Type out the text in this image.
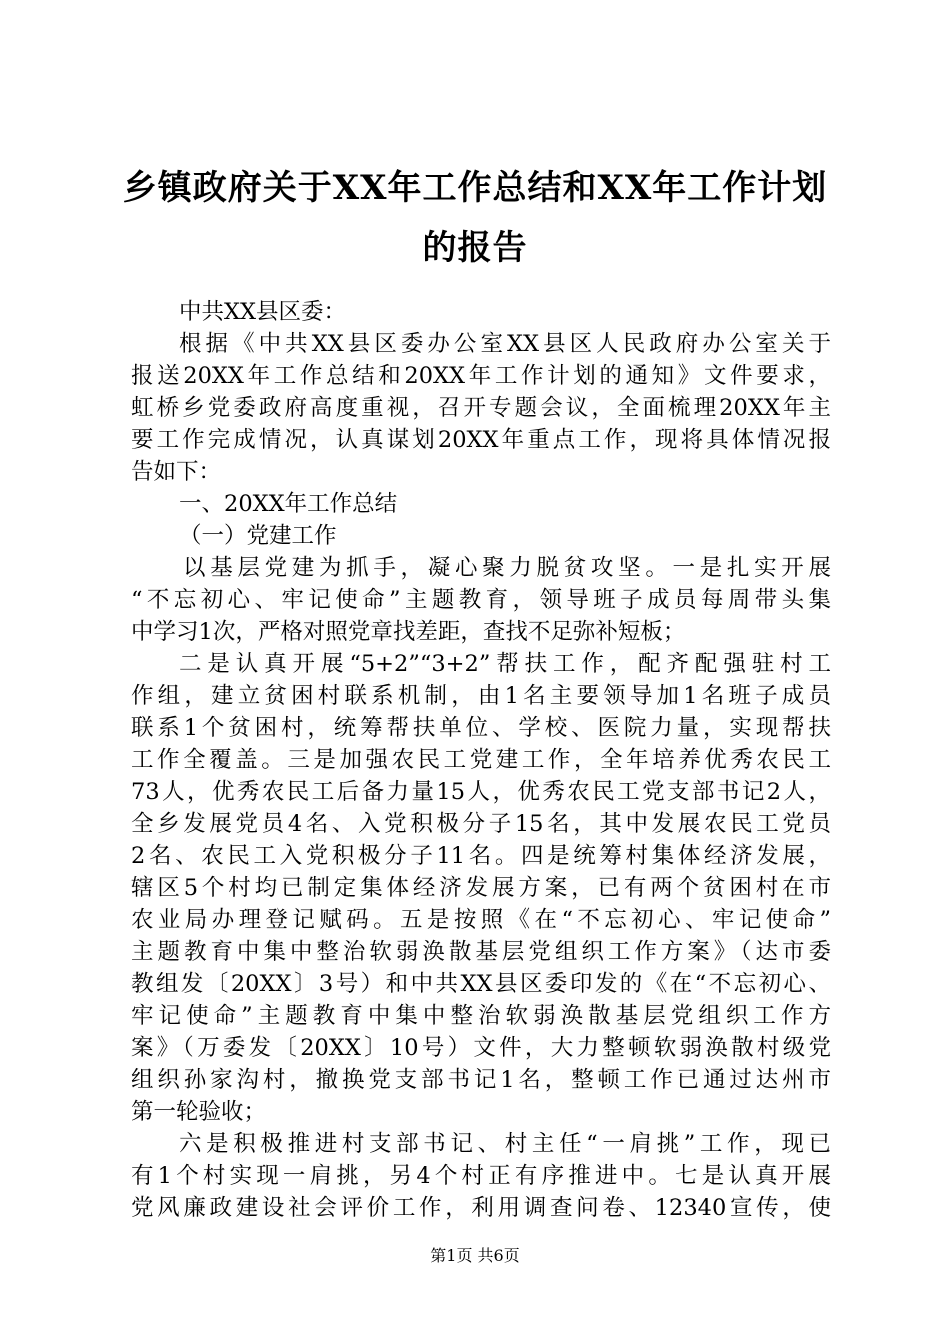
乡镇政府关于XX年工作总结和XX年工作计划
的报告
中共XX县区委：
根据《中共XX县区委办公室XX县区人民政府办公室关于
报送20XX年工作总结和20XX年工作计划的通知》文件要求，
虹桥乡党委政府高度重视，召开专题会议，全面梳理20XX年主
要工作完成情况，认真谋划20XX年重点工作，现将具体情况报
告如下：
一、20XX年工作总结
（一）党建工作
以基层党建为抓手，凝心聚力脱贫攻坚。一是扎实开展
“不忘初心、牢记使命”主题教育，领导班子成员每周带头集
中学习1次，严格对照党章找差距，查找不足弥补短板；
二是认真开展“5+2”“3+2”帮扶工作，配齐配强驻村工
作组，建立贫困村联系机制，由1名主要领导加1名班子成员
联系1个贫困村，统筹帮扶单位、学校、医院力量，实现帮扶
工作全覆盖。三是加强农民工党建工作，全年培养优秀农民工
73人，优秀农民工后备力量15人，优秀农民工党支部书记2人，
全乡发展党员4名、入党积极分子15名，其中发展农民工党员
2名、农民工入党积极分子11名。四是统筹村集体经济发展，
辖区5个村均已制定集体经济发展方案，已有两个贫困村在市
农业局办理登记赋码。五是按照《在“不忘初心、牢记使命”
主题教育中集中整治软弱涣散基层党组织工作方案》（达市委
教组发〔20XX〕3号）和中共XX县区委印发的《在“不忘初心、
牢记使命”主题教育中集中整治软弱涣散基层党组织工作方
案》（万委发〔20XX〕10号）文件，大力整顿软弱涣散村级党
组织孙家沟村，撤换党支部书记1名，整顿工作已通过达州市
第一轮验收；
六是积极推进村支部书记、村主任“一肩挑”工作，现已
有1个村实现一肩挑，另4个村正有序推进中。七是认真开展
党风廉政建设社会评价工作，利用调查问卷、12340宣传，使
第1页 共6页
